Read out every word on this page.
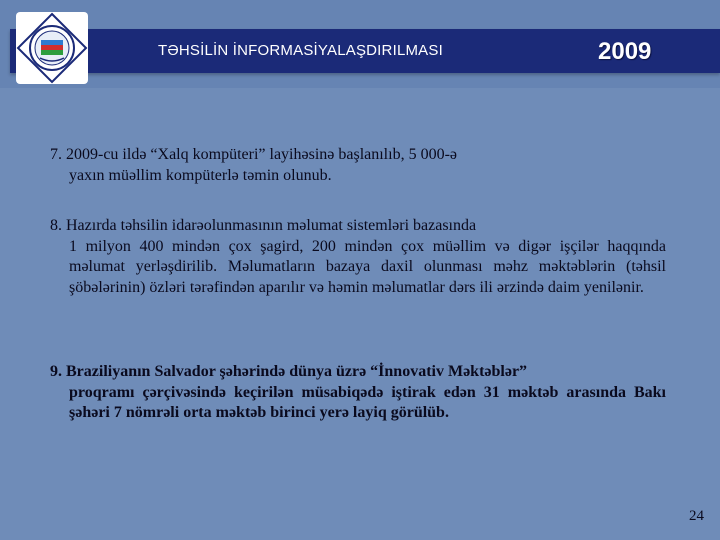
TƏHSİLİN İNFORMASİYALAŞDIRILMASI	2009
7. 2009-cu ildə “Xalq kompüteri” layihəsinə başlanılıb, 5 000-ə
yaxın müəllim kompüterlə təmin olunub.
8. Hazırda təhsilin idarəolunmasının məlumat sistemləri bazasında
1 milyon 400 mindən çox şagird, 200 mindən çox müəllim və digər işçilər haqqında məlumat yerləşdirilib. Məlumatların bazaya daxil olunması məhz məktəblərin (təhsil şöbələrinin) özləri tərəfindən aparılır və həmin məlumatlar dərs ili ərzində daim yenilənir.
9. Braziliyanın Salvador şəhərində dünya üzrə “İnnovativ Məktəblər”
proqramı çərçivəsində keçirilən müsabiqədə iştirak edən 31 məktəb arasında Bakı şəhəri 7 nömrəli orta məktəb birinci yerə layiq görülüb.
24
